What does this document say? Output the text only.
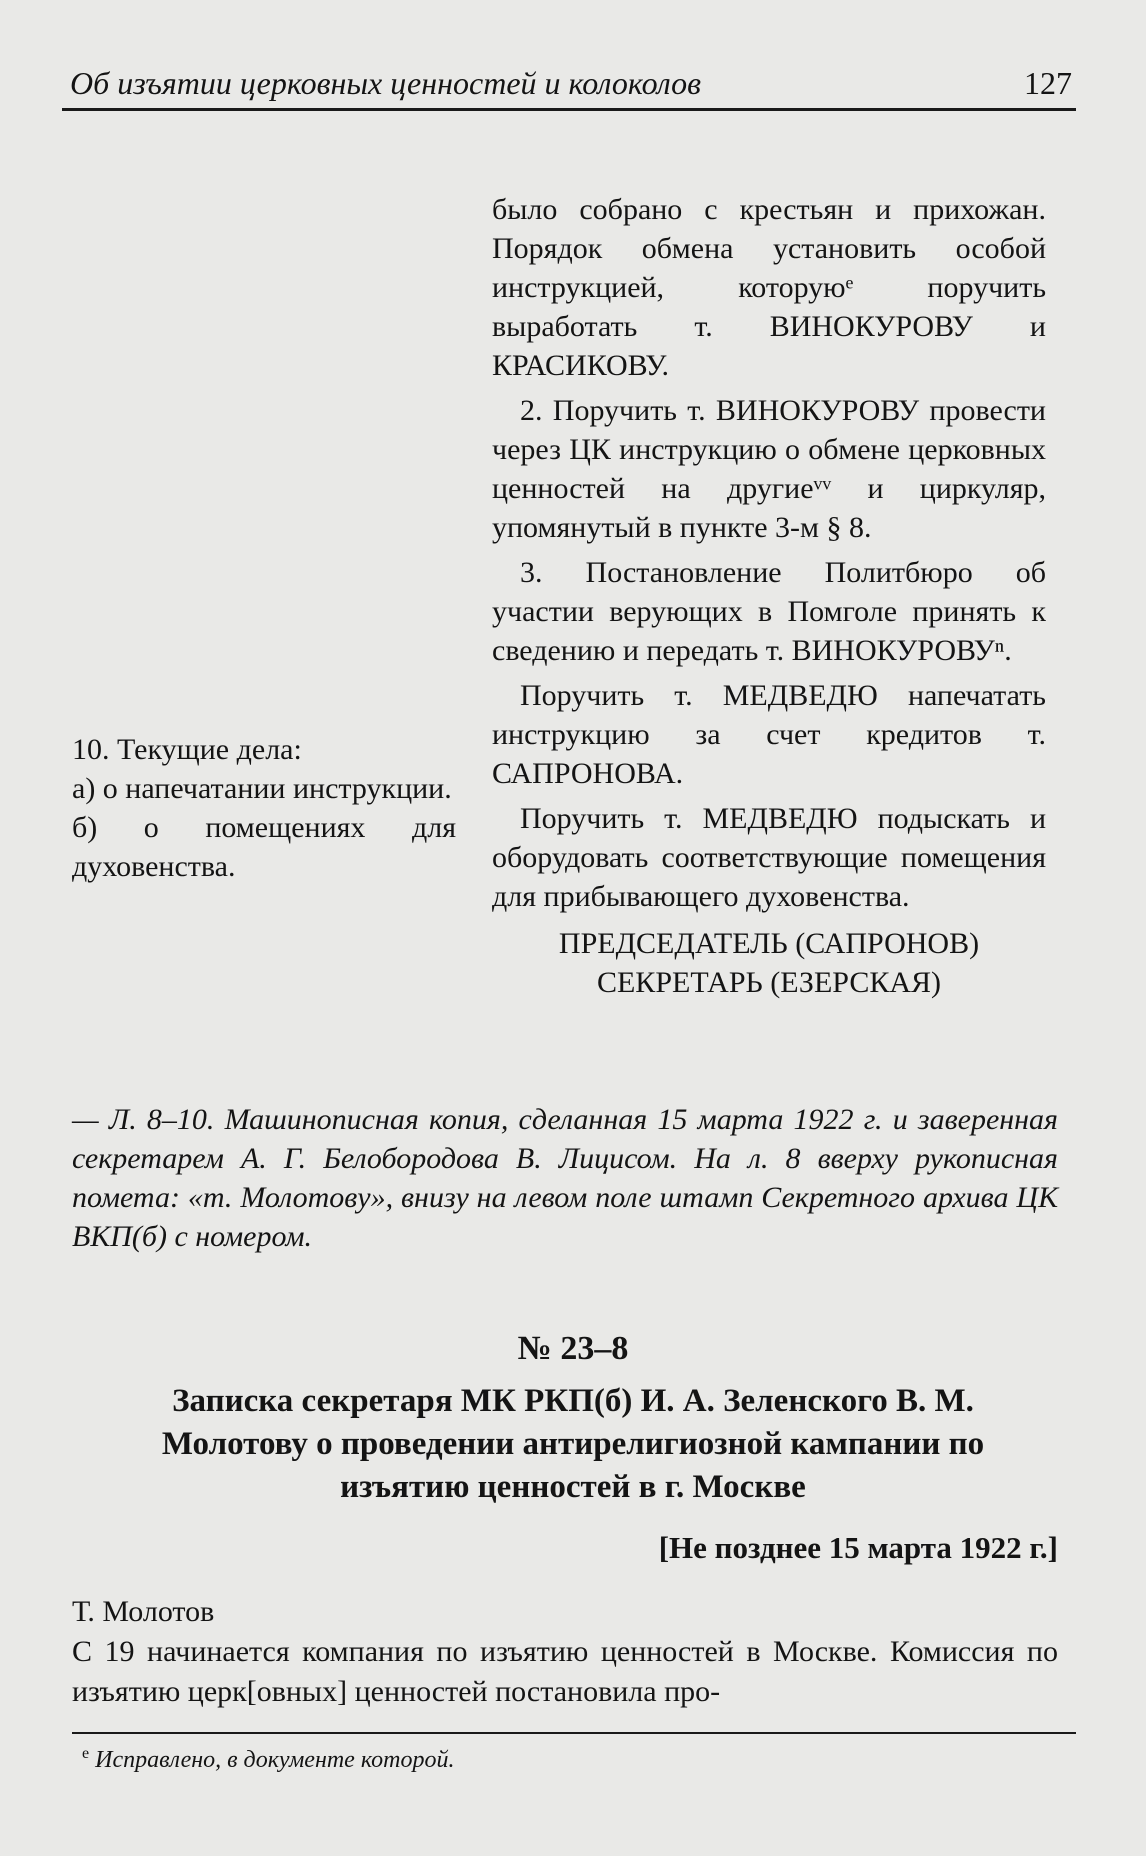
Об изъятии церковных ценностей и колоколов	127

было собрано с крестьян и прихожан. Порядок обмена установить особой инструкцией, которуюᵉ поручить выработать т. ВИНОКУРОВУ и КРАСИКОВУ.

2. Поручить т. ВИНОКУРОВУ провести через ЦК инструкцию о обмене церковных ценностей на другиеᵛᵛ и циркуляр, упомянутый в пункте 3-м § 8.

3. Постановление Политбюро об участии верующих в Помголе принять к сведению и передать т. ВИНОКУРОВУⁿ.

Поручить т. МЕДВЕДЮ напечатать инструкцию за счет кредитов т. САПРОНОВА.

Поручить т. МЕДВЕДЮ подыскать и оборудовать соответствующие помещения для прибывающего духовенства.

ПРЕДСЕДАТЕЛЬ (САПРОНОВ)

СЕКРЕТАРЬ (ЕЗЕРСКАЯ)

10. Текущие дела:

а) о напечатании инструкции.

б) о помещениях для духовенства.

— Л. 8–10. Машинописная копия, сделанная 15 марта 1922 г. и заверенная секретарем А. Г. Белобородова В. Лицисом. На л. 8 вверху рукописная помета: «т. Молотову», внизу на левом поле штамп Секретного архива ЦК ВКП(б) с номером.
№ 23–8
Записка секретаря МК РКП(б) И. А. Зеленского В. М. Молотову о проведении антирелигиозной кампании по изъятию ценностей в г. Москве
[Не позднее 15 марта 1922 г.]

Т. Молотов

С 19 начинается компания по изъятию ценностей в Москве. Комиссия по изъятию церк[овных] ценностей постановила про-

$^е$ Исправлено, в документе которой.
